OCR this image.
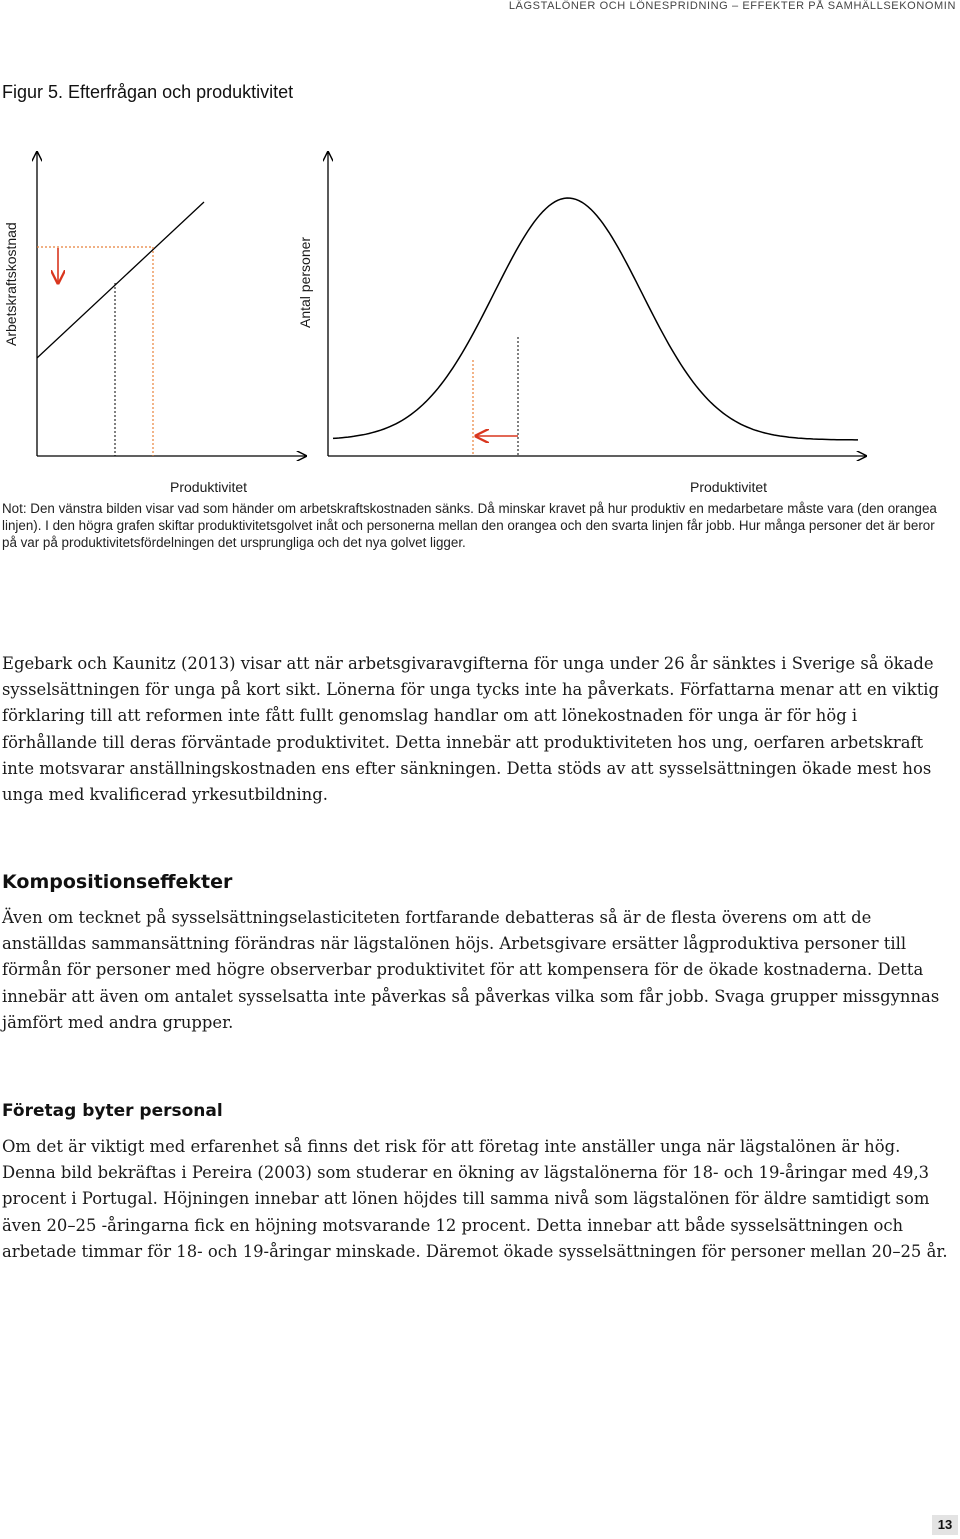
LÄGSTALÖNER OCH LÖNESPRIDNING – EFFEKTER PÅ SAMHÄLLSEKONOMIN
Figur 5. Efterfrågan och produktivitet
Arbetskraftskostnad	Antal personer
Produktivitet	Produktivitet
Not: Den vänstra bilden visar vad som händer om arbetskraftskostnaden sänks. Då minskar kravet på hur produktiv en medarbetare måste vara (den orangea linjen). I den högra grafen skiftar produktivitetsgolvet inåt och personerna mellan den orangea och den svarta linjen får jobb. Hur många personer det är beror på var på produktivitetsfördelningen det ursprungliga och det nya golvet ligger.

Egebark och Kaunitz (2013) visar att när arbetsgivaravgifterna för unga under 26 år sänktes i Sverige så ökade sysselsättningen för unga på kort sikt. Lönerna för unga tycks inte ha påverkats. Författarna menar att en viktig förklaring till att reformen inte fått fullt genomslag handlar om att lönekostnaden för unga är för hög i förhållande till deras förväntade produktivitet. Detta innebär att produktiviteten hos ung, oerfaren arbetskraft inte motsvarar anställningskostnaden ens efter sänkningen. Detta stöds av att sysselsättningen ökade mest hos unga med kvalificerad yrkesutbildning.

Kompositionseffekter

Även om tecknet på sysselsättningselasticiteten fortfarande debatteras så är de flesta överens om att de anställdas sammansättning förändras när lägstalönen höjs. Arbetsgivare ersätter lågproduktiva personer till förmån för personer med högre observerbar produktivitet för att kompensera för de ökade kostnaderna. Detta innebär att även om antalet sysselsatta inte påverkas så påverkas vilka som får jobb. Svaga grupper missgynnas jämfört med andra grupper.

Företag byter personal

Om det är viktigt med erfarenhet så finns det risk för att företag inte anställer unga när lägstalönen är hög. Denna bild bekräftas i Pereira (2003) som studerar en ökning av lägstalönerna för 18- och 19-åringar med 49,3 procent i Portugal. Höjningen innebar att lönen höjdes till samma nivå som lägstalönen för äldre samtidigt som även 20–25 -åringarna fick en höjning motsvarande 12 procent. Detta innebar att både sysselsättningen och arbetade timmar för 18- och 19-åringar minskade. Däremot ökade sysselsättningen för personer mellan 20–25 år.

13
